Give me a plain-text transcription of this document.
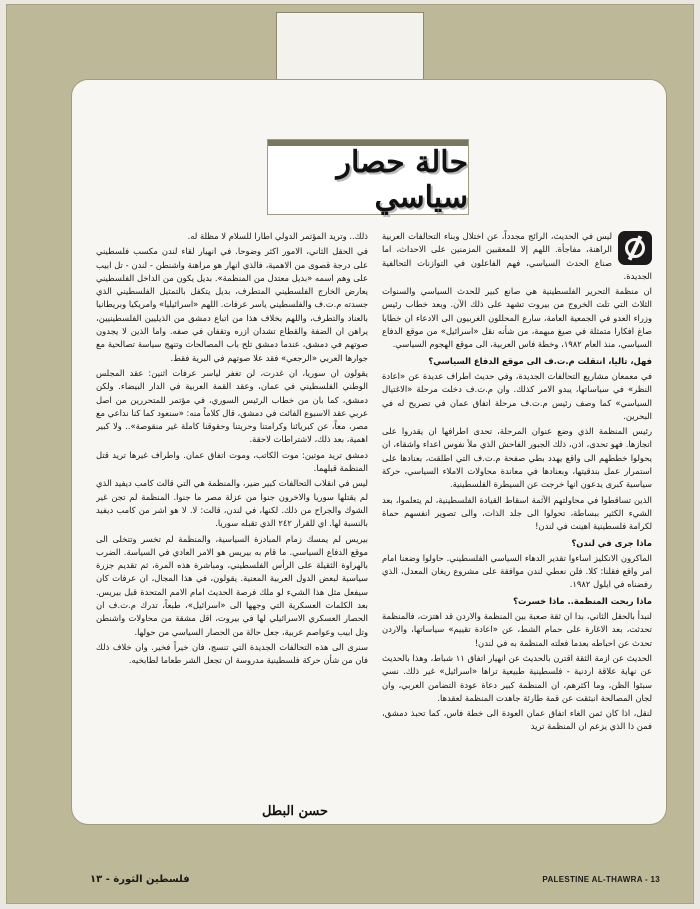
حالة حصار سياسي

ليس في الحديث، الرائج مجدداً، عن اختلال وبناء التحالفات العربية الراهنة، مفاجأة. اللهم إلا للمعقبين المزمنين على الاحداث، اما صناع الحدث السياسي، فهم الفاعلون في التوازنات التحالفية الجديدة.

ان منظمة التحرير الفلسطينية هي صانع كبير للحدث السياسي والسنوات الثلاث التي تلت الخروج من بيروت تشهد على ذلك الآن. وبعد خطاب رئيس وزراء العدو في الجمعية العامة، سارع المحللون الغربيون الى الادعاء ان خطابا صاغ افكارا متمثلة في صيغ مبهمة، من شأنه نقل «اسرائيل» من موقع الدفاع السياسي، منذ العام ١٩٨٢، وخطة فاس العربية، الى موقع الهجوم السياسي.

فهل، تاليا، انتقلت م.ت.ف الى موقع الدفاع السياسي؟

في معمعان مشاريع التحالفات الجديدة، وفي حديث اطراف عديدة عن «اعادة النظر» في سياساتها، يبدو الامر كذلك. وان م.ت.ف دخلت مرحلة «الاغتيال السياسي» كما وصف رئيس م.ت.ف مرحلة اتفاق عمان في تصريح له في البحرين.

رئيس المنظمة الذي وضع عنوان المرحلة، تحدى اطرافها ان يقدروا على انجازها. فهو تحدى، اذن، ذلك الجبور الفاحش الذي ملأ نفوس اعداء واشقاء، ان يحولوا خططهم الى واقع يهدد بطي صفحة م.ت.ف التي اطلقت، بعنادها على استمرار عمل بندقيتها، وبعنادها في معاندة محاولات الاملاء السياسي، حركة سياسية كبرى يدعون انها خرجت عن السيطرة الفلسطينية.

الذين تساقطوا في محاولتهم الآثمة اسقاط القيادة الفلسطينية، لم يتعلموا، بعد الشيء الكثير ببساطة، تحولوا الى جلد الذات، والى تصوير انفسهم حماة لكرامة فلسطينية اهينت في لندن!

ماذا جرى في لندن؟

الماكرون الانكليز اساءوا تقدير الدهاء السياسي الفلسطيني. حاولوا وضعنا امام امر واقع فقلنا: كلا. فلن نعطي لندن موافقة على مشروع ريغان المعدل، الذي رفضناه في ايلول ١٩٨٢.

ماذا ربحت المنظمة.. ماذا خسرت؟

لنبدأ بالحقل الثاني، بدا ان ثقة صعبة بين المنظمة والاردن قد اهتزت، فالمنظمة تحدثت، بعد الاغارة على حمام الشط، عن «اعادة تقييم» سياساتها، والاردن تحدث عن احباطه بعدما فعلته المنظمة به في لندن!

الحديث عن ازمة الثقة اقترن بالحديث عن انهيار اتفاق ١١ شباط، وهذا بالحديث عن نهاية علاقة اردنية - فلسطينية طبيعية تراها «اسرائيل» غير ذلك. نسي سبئوا الظن، وما اكثرهم، ان المنظمة كبير دعاة عودة التضامن العربي، وان لجان المصالحة انبثقت عن قمة طارئة جاهدت المنظمة لعقدها.

لنقل، اذا كان ثمن الغاء اتفاق عمان العودة الى خطة فاس، كما تحبذ دمشق، فمن ذا الذي يزعم ان المنظمة تريد

ذلك.. وتريد المؤتمر الدولي اطارا للسلام لا مظلة له.

في الحقل الثاني، الامور اكثر وضوحا. في انهيار لقاء لندن مكسب فلسطيني على درجة قصوى من الاهمية، فالذي انهار هو مراهنة واشنطن - لندن - تل ابيب على وهم اسمه «بديل معتدل من المنظمة». بديل يكون من الداخل الفلسطيني يعارض الخارج الفلسطيني المتطرف، بديل يتكفل بالتمثيل الفلسطيني الذي جسدته م.ت.ف والفلسطيني ياسر عرفات. اللهم «اسرائيليا» وامريكيا وبريطانيا بالعناد والتطرف، واللهم بخلاف هذا من اتباع دمشق من الذيليين الفلسطينيين، يراهن ان الضفة والقطاع تشدان ازره وتقفان في صفه. واما الذين لا يجدون صوتهم في دمشق، عندما دمشق تلح باب المصالحات وتنهج سياسة تصالحية مع جوارها العربي «الرجعي» فقد علا صوتهم في البرية فقط.

يقولون ان سوريا، ان غدرت، لن تغفر لياسر عرفات اثنين: عقد المجلس الوطني الفلسطيني في عمان، وعقد القمة العربية في الدار البيضاء. ولكن دمشق، كما بان من خطاب الرئيس السوري، في مؤتمر للمتحررين من اصل عربي عقد الاسبوع الفائت في دمشق، قال كلاماً منه: «سنعود كما كنا نداعي مع مصر، معاً، عن كبريائنا وكرامتنا وحريتنا وحقوقنا كاملة غير منقوصة».. ولا كبير اهمية، بعد ذلك، لاشتراطات لاحقة.

دمشق تريد موتين: موت الكاتب، وموت اتفاق عمان. واطراف غيرها تريد قتل المنظمة قبلهما.

ليس في انقلاب التحالفات كبير ضير، والمنظمة هي التي قالت كامب ديفيد الذي لم يقتلها سوريا والاخرون جنوا من عزلة مصر ما جنوا. المنظمة لم تجن غير الشوك والجراح من ذلك. لكنها، في لندن، قالت: لا. لا هو اشر من كامب ديفيد بالنسبة لها. اي للقرار ٢٤٢ الذي تقبله سوريا.

بيريس لم يمسك زمام المبادرة السياسية، والمنظمة لم تخسر وتتخلى الى موقع الدفاع السياسي. ما قام به بيريس هو الامر العادي في السياسة. الضرب بالهراوة الثقيلة على الرأس الفلسطيني، ومباشرة هذه المرة، ثم تقديم جزرة سياسية لبعض الدول العربية المعنية. يقولون، في هذا المجال، ان عرفات كان سيفعل مثل هذا الشيء لو ملك فرصة الحديث امام الامم المتحدة قبل بيريس. بعد الكلمات العسكرية التي وجهها الى «اسرائيل»، طبعاً، تدرك م.ت.ف ان الحصار العسكري الاسرائيلي لها في بيروت، اقل مشقة من محاولات واشنطن وتل ابيب وعواصم عربية، جعل حالة من الحصار السياسي من حولها.

سنرى الى هذه التحالفات الجديدة التي تنسج، فان خيراً فخير. وان خلاف ذلك فان من شأن حركة فلسطينية مدروسة ان تجعل الشر طعاما لطابخيه.

حسن البطل
فلسطين الثورة - ١٣	PALESTINE AL-THAWRA - 13
